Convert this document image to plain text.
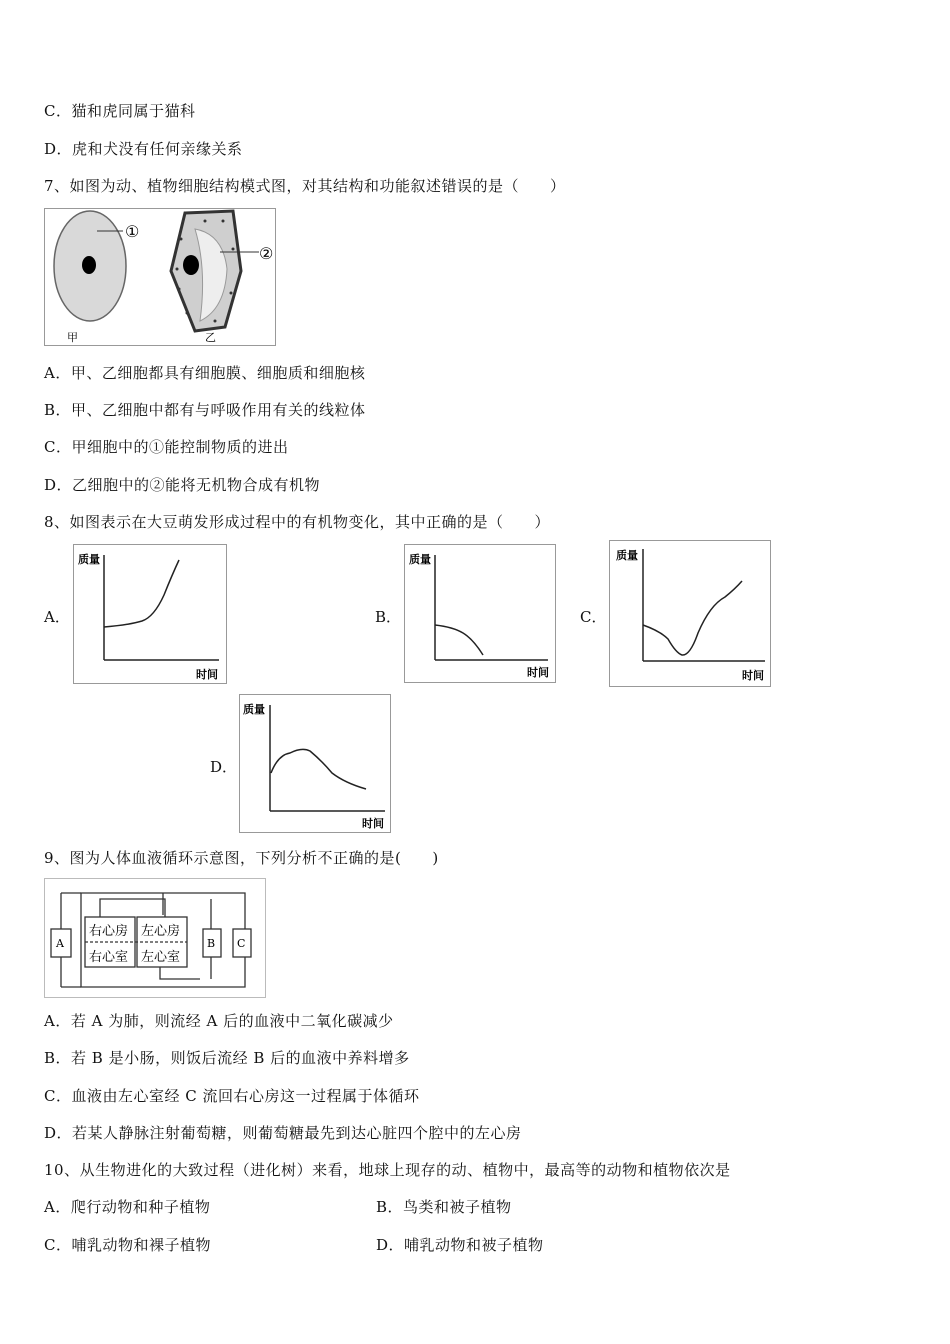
C．猫和虎同属于猫科
D．虎和犬没有任何亲缘关系
7、如图为动、植物细胞结构模式图，对其结构和功能叙述错误的是（　　）
①
②
甲	乙
A．甲、乙细胞都具有细胞膜、细胞质和细胞核
B．甲、乙细胞中都有与呼吸作用有关的线粒体
C．甲细胞中的①能控制物质的进出
D．乙细胞中的②能将无机物合成有机物
8、如图表示在大豆萌发形成过程中的有机物变化，其中正确的是（　　）
A．
质量
时间
B．
质量
时间
C．
质量
时间
D．
质量
时间
9、图为人体血液循环示意图，下列分析不正确的是(　　)
A	B C
右心房
右心室
左心房
左心室
A．若 A 为肺，则流经 A 后的血液中二氧化碳减少
B．若 B 是小肠，则饭后流经 B 后的血液中养料增多
C．血液由左心室经 C 流回右心房这一过程属于体循环
D．若某人静脉注射葡萄糖，则葡萄糖最先到达心脏四个腔中的左心房
10、从生物进化的大致过程（进化树）来看，地球上现存的动、植物中，最高等的动物和植物依次是
A．爬行动物和种子植物	B．鸟类和被子植物
C．哺乳动物和裸子植物	D．哺乳动物和被子植物
